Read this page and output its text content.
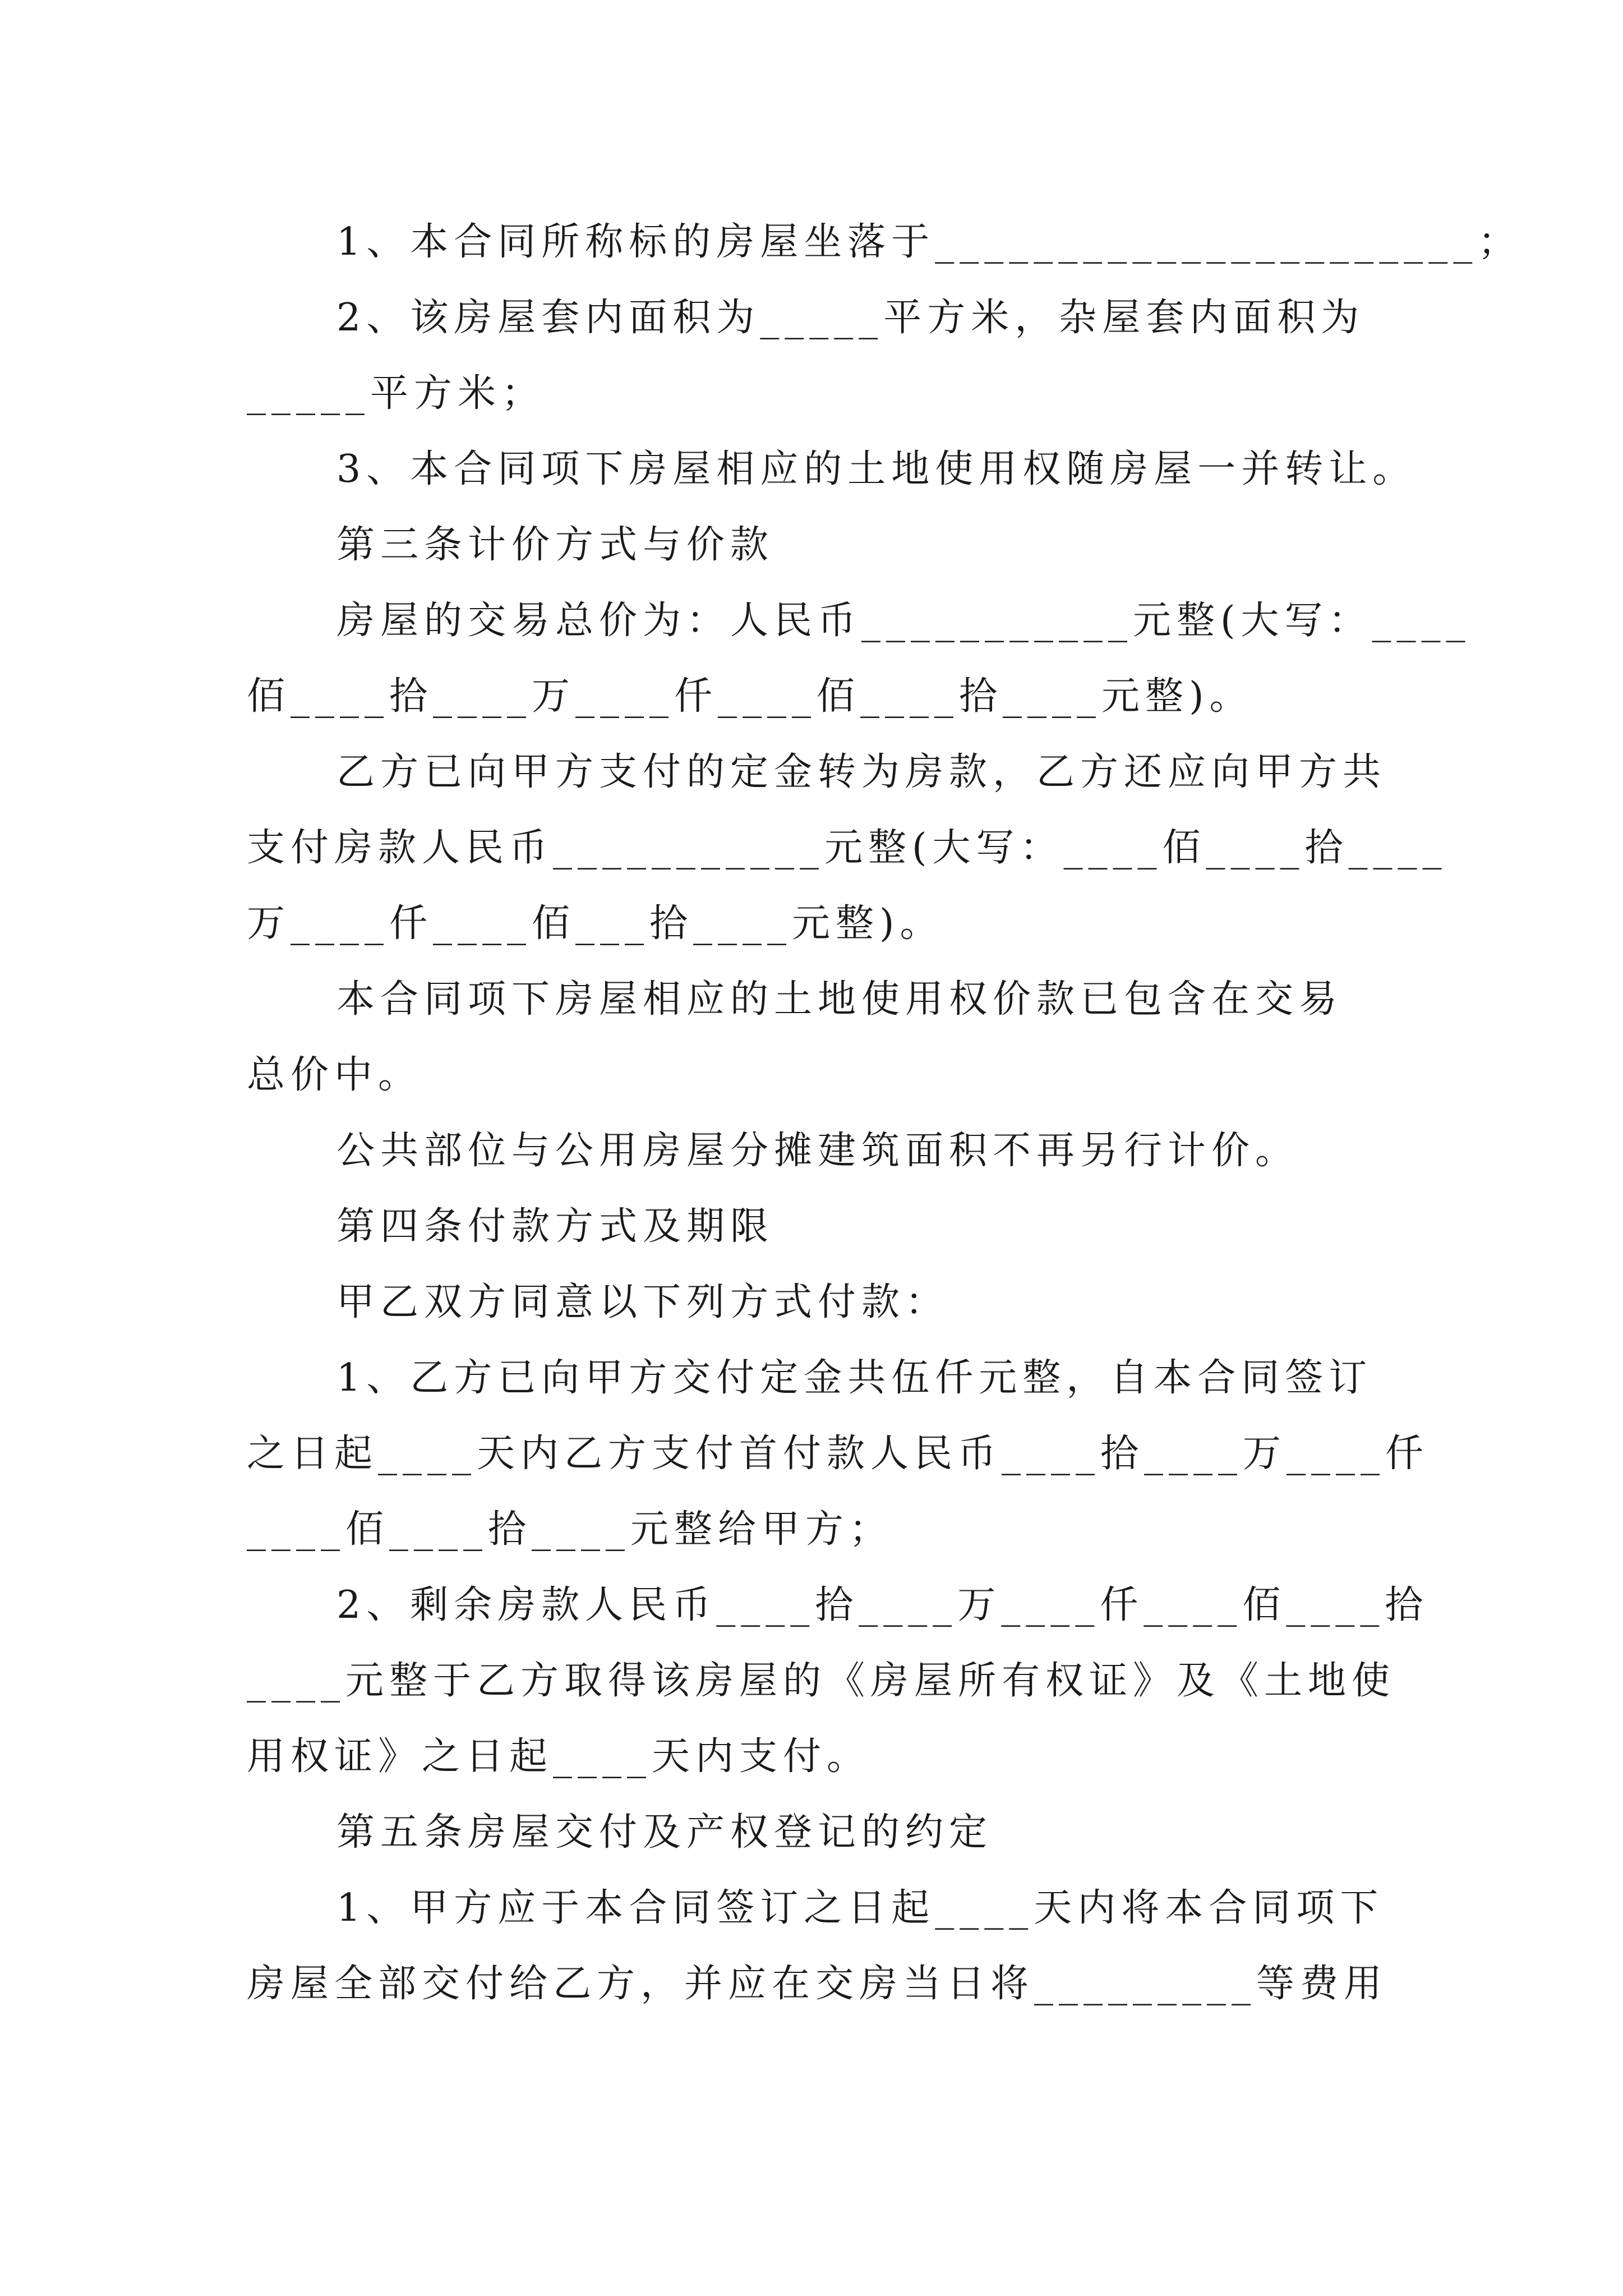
1、本合同所称标的房屋坐落于______________________；
2、该房屋套内面积为_____平方米，杂屋套内面积为
_____平方米；
3、本合同项下房屋相应的土地使用权随房屋一并转让。
第三条计价方式与价款
房屋的交易总价为：人民币___________元整(大写：____
佰____拾____万____仟____佰____拾____元整)。
乙方已向甲方支付的定金转为房款，乙方还应向甲方共
支付房款人民币___________元整(大写：____佰____拾____
万____仟____佰___拾____元整)。
本合同项下房屋相应的土地使用权价款已包含在交易
总价中。
公共部位与公用房屋分摊建筑面积不再另行计价。
第四条付款方式及期限
甲乙双方同意以下列方式付款：
1、乙方已向甲方交付定金共伍仟元整，自本合同签订
之日起____天内乙方支付首付款人民币____拾____万____仟
____佰____拾____元整给甲方；
2、剩余房款人民币____拾____万____仟____佰____拾
____元整于乙方取得该房屋的《房屋所有权证》及《土地使
用权证》之日起____天内支付。
第五条房屋交付及产权登记的约定
1、甲方应于本合同签订之日起____天内将本合同项下
房屋全部交付给乙方，并应在交房当日将_________等费用
